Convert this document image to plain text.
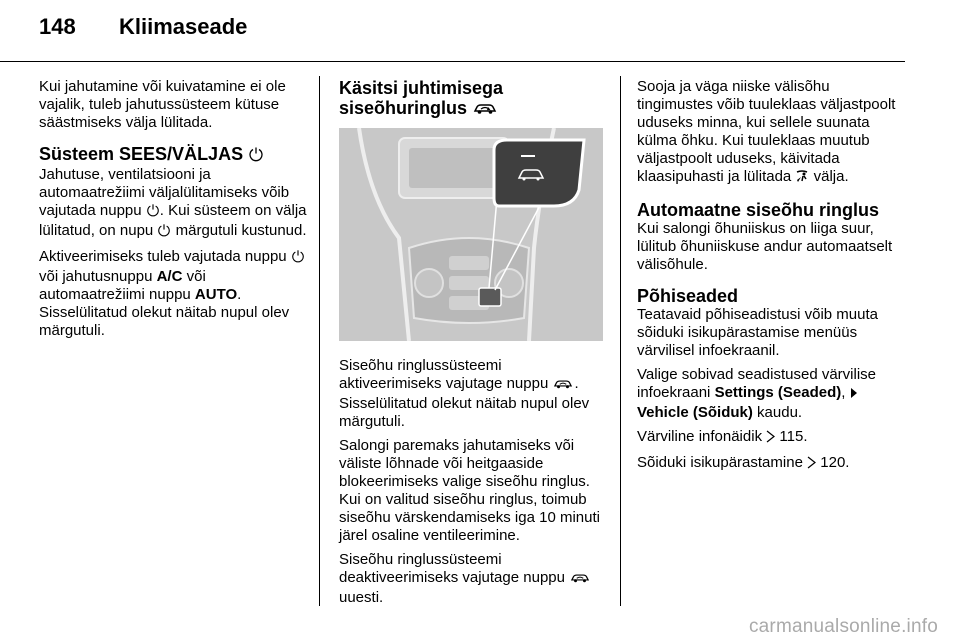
148	Kliimaseade

Kui jahutamine või kuivatamine ei ole vajalik, tuleb jahutussüsteem kütuse säästmiseks välja lülitada.

Süsteem SEES/VÄLJAS

Jahutuse, ventilatsiooni ja automaatrežiimi väljalülitamiseks võib vajutada nuppu . Kui süsteem on välja lülitatud, on nupu  märgutuli kustunud.

Aktiveerimiseks tuleb vajutada nuppu  või jahutusnuppu A/C või automaatrežiimi nuppu AUTO. Sisselülitatud olekut näitab nupul olev märgutuli.

Käsitsi juhtimisega
siseõhuringlus

Siseõhu ringlussüsteemi aktiveerimiseks vajutage nuppu . Sisselülitatud olekut näitab nupul olev märgutuli.

Salongi paremaks jahutamiseks või väliste lõhnade või heitgaaside blokeerimiseks valige siseõhu ringlus. Kui on valitud siseõhu ringlus, toimub siseõhu värskendamiseks iga 10 minuti järel osaline ventileerimine.

Siseõhu ringlussüsteemi deaktiveerimiseks vajutage nuppu  uuesti.

Sooja ja väga niiske välisõhu tingimustes võib tuuleklaas väljastpoolt uduseks minna, kui sellele suunata külma õhku. Kui tuuleklaas muutub väljastpoolt uduseks, käivitada klaasipuhasti ja lülitada  välja.

Automaatne siseõhu ringlus

Kui salongi õhuniiskus on liiga suur, lülitub õhuniiskuse andur automaatselt välisõhule.

Põhiseaded

Teatavaid põhiseadistusi võib muuta sõiduki isikupärastamise menüüs värvilisel infoekraanil.

Valige sobivad seadistused värvilise infoekraani Settings (Seaded),
Vehicle (Sõiduk) kaudu.

Värviline infonäidik  115.

Sõiduki isikupärastamine  120.

carmanualsonline.info
